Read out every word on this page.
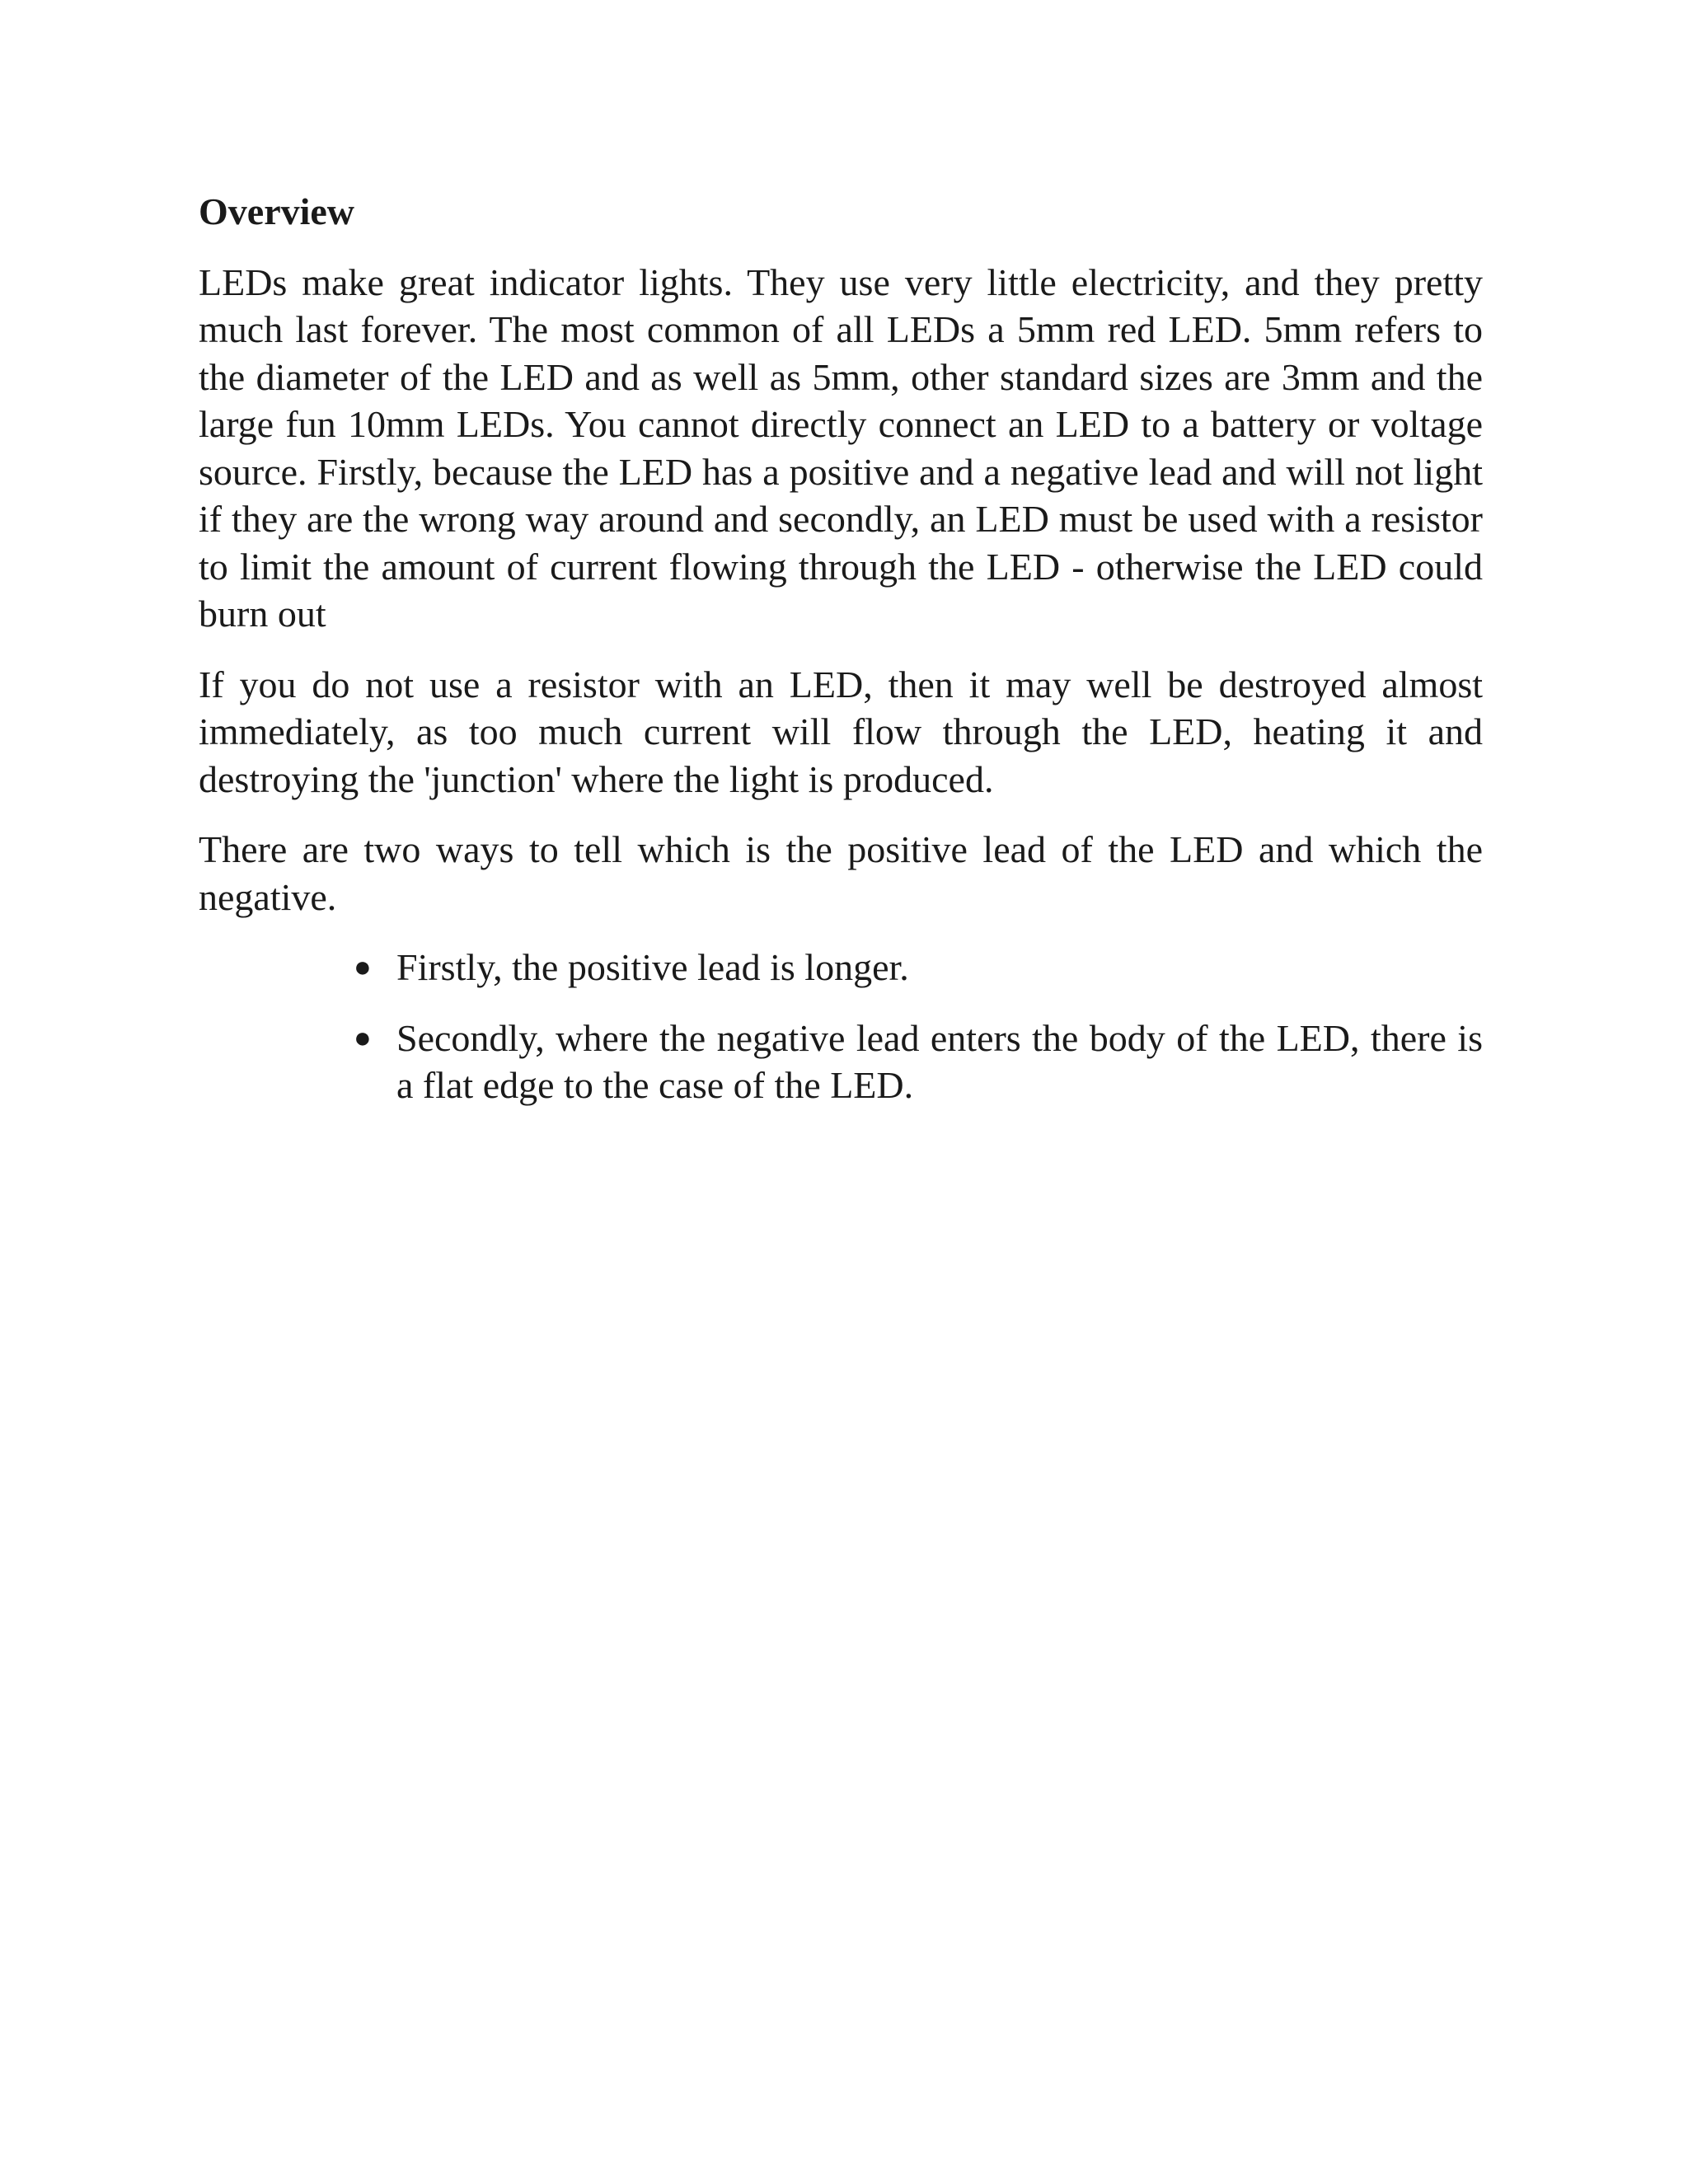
Overview

LEDs make great indicator lights. They use very little electricity, and they pretty much last forever. The most common of all LEDs a 5mm red LED. 5mm refers to the diameter of the LED and as well as 5mm, other standard sizes are 3mm and the large fun 10mm LEDs. You cannot directly connect an LED to a battery or voltage source. Firstly, because the LED has a positive and a negative lead and will not light if they are the wrong way around and secondly, an LED must be used with a resistor to limit the amount of current flowing through the LED - otherwise the LED could burn out

If you do not use a resistor with an LED, then it may well be destroyed almost immediately, as too much current will flow through the LED, heating it and destroying the 'junction' where the light is produced.

There are two ways to tell which is the positive lead of the LED and which the negative.

● Firstly, the positive lead is longer.
● Secondly, where the negative lead enters the body of the LED, there is a flat edge to the case of the LED.
